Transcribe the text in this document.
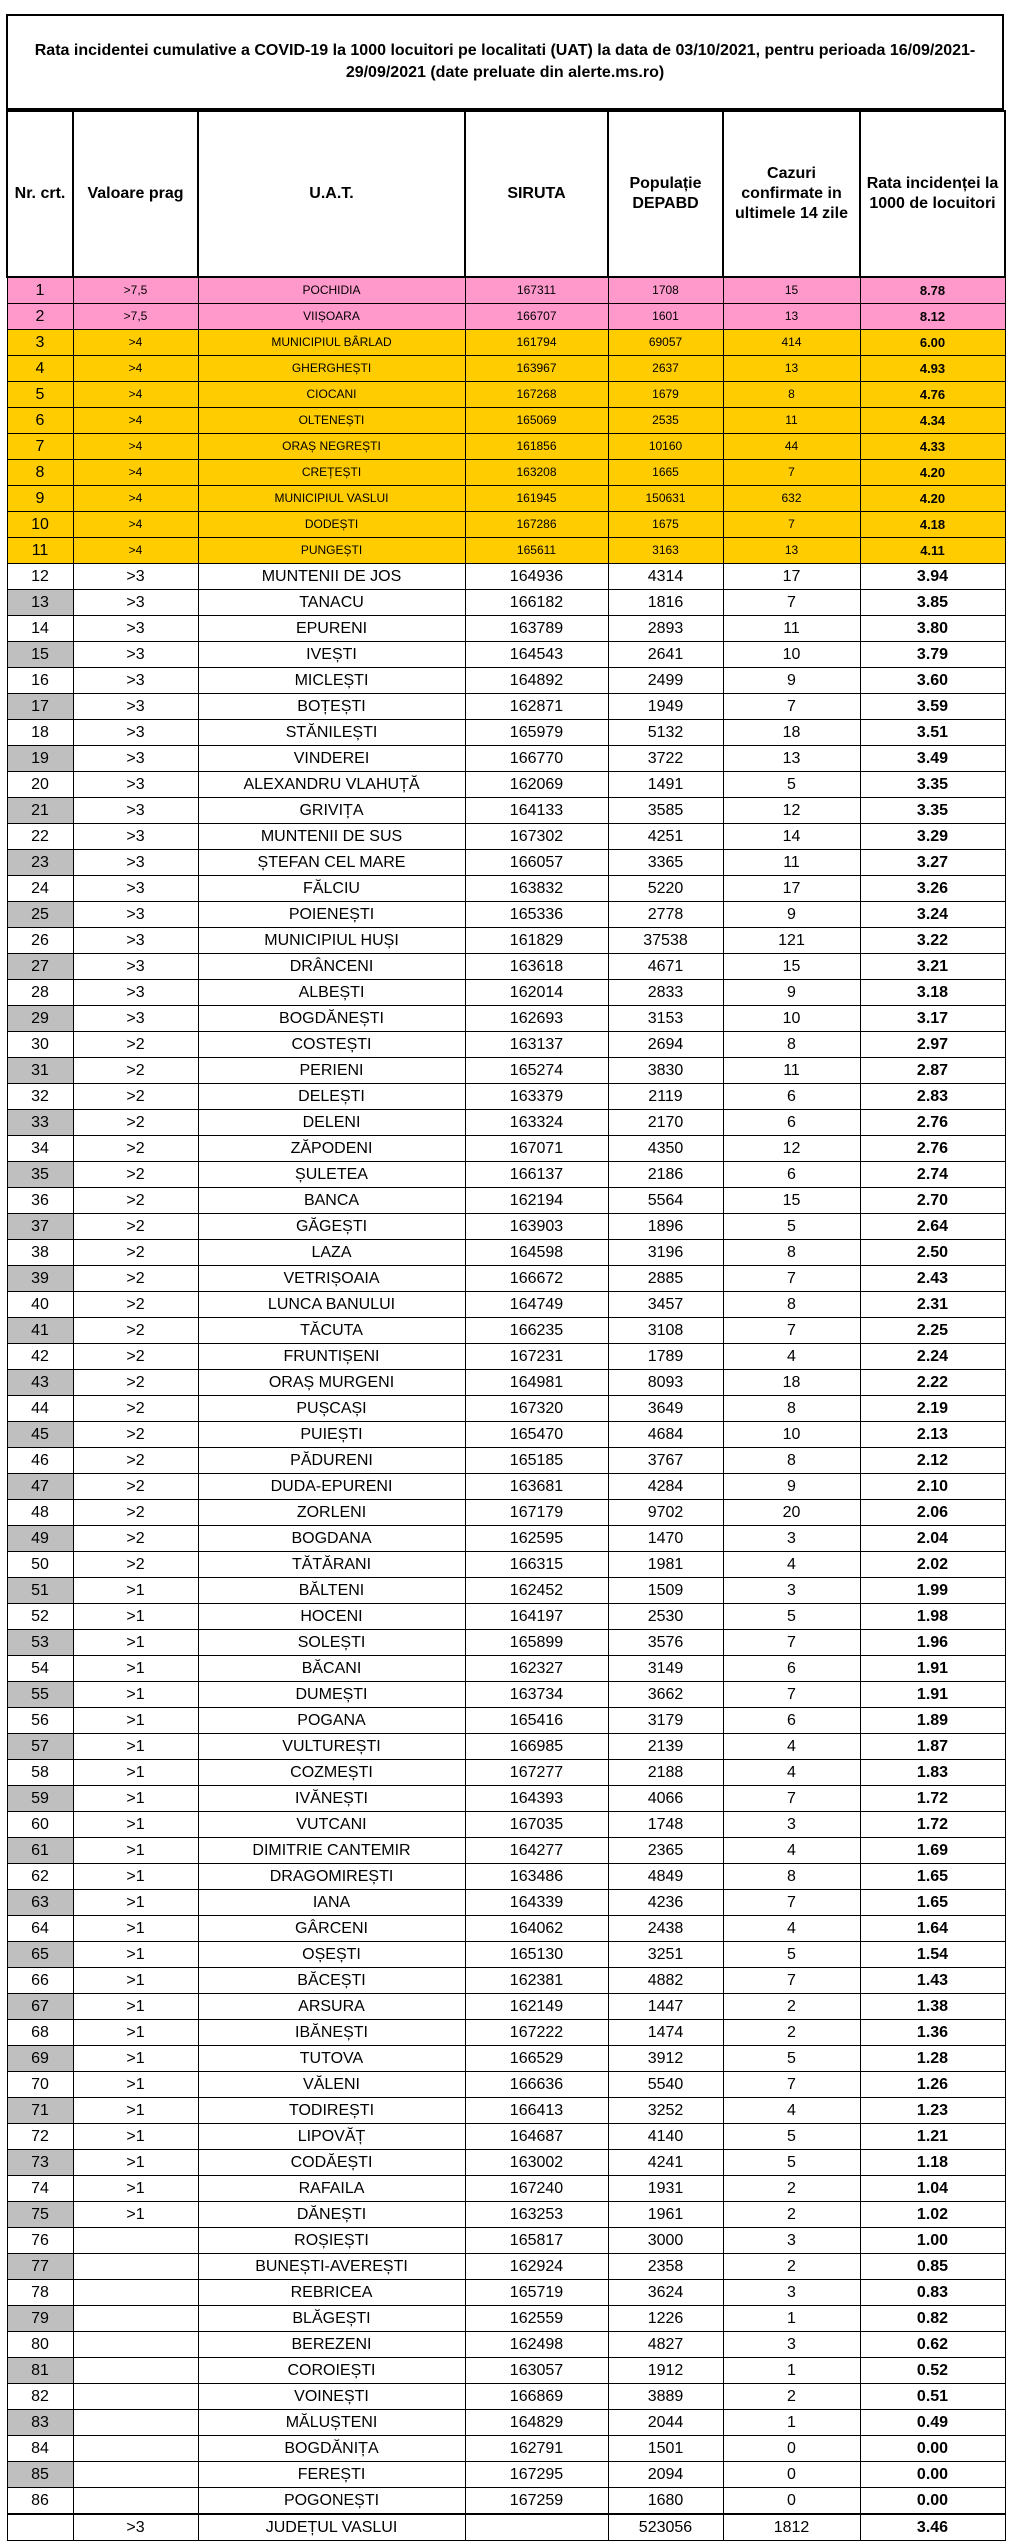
Rata incidentei cumulative a COVID-19 la 1000 locuitori pe localitati (UAT) la data de 03/10/2021, pentru perioada 16/09/2021-29/09/2021 (date preluate din alerte.ms.ro)
Nr. crt.	Valoare prag	U.A.T.	SIRUTA	Populație DEPABD	Cazuri confirmate in ultimele 14 zile	Rata incidenței la 1000 de locuitori
1	>7,5	POCHIDIA	167311	1708	15	8.78
2	>7,5	VIIȘOARA	166707	1601	13	8.12
3	>4	MUNICIPIUL BÂRLAD	161794	69057	414	6.00
4	>4	GHERGHEȘTI	163967	2637	13	4.93
5	>4	CIOCANI	167268	1679	8	4.76
6	>4	OLTENEȘTI	165069	2535	11	4.34
7	>4	ORAȘ NEGREȘTI	161856	10160	44	4.33
8	>4	CREȚEȘTI	163208	1665	7	4.20
9	>4	MUNICIPIUL VASLUI	161945	150631	632	4.20
10	>4	DODEȘTI	167286	1675	7	4.18
11	>4	PUNGEȘTI	165611	3163	13	4.11
12	>3	MUNTENII DE JOS	164936	4314	17	3.94
13	>3	TANACU	166182	1816	7	3.85
14	>3	EPURENI	163789	2893	11	3.80
15	>3	IVEȘTI	164543	2641	10	3.79
16	>3	MICLEȘTI	164892	2499	9	3.60
17	>3	BOȚEȘTI	162871	1949	7	3.59
18	>3	STĂNILEȘTI	165979	5132	18	3.51
19	>3	VINDEREI	166770	3722	13	3.49
20	>3	ALEXANDRU VLAHUȚĂ	162069	1491	5	3.35
21	>3	GRIVIȚA	164133	3585	12	3.35
22	>3	MUNTENII DE SUS	167302	4251	14	3.29
23	>3	ȘTEFAN CEL MARE	166057	3365	11	3.27
24	>3	FĂLCIU	163832	5220	17	3.26
25	>3	POIENEȘTI	165336	2778	9	3.24
26	>3	MUNICIPIUL HUȘI	161829	37538	121	3.22
27	>3	DRÂNCENI	163618	4671	15	3.21
28	>3	ALBEȘTI	162014	2833	9	3.18
29	>3	BOGDĂNEȘTI	162693	3153	10	3.17
30	>2	COSTEȘTI	163137	2694	8	2.97
31	>2	PERIENI	165274	3830	11	2.87
32	>2	DELEȘTI	163379	2119	6	2.83
33	>2	DELENI	163324	2170	6	2.76
34	>2	ZĂPODENI	167071	4350	12	2.76
35	>2	ȘULETEA	166137	2186	6	2.74
36	>2	BANCA	162194	5564	15	2.70
37	>2	GĂGEȘTI	163903	1896	5	2.64
38	>2	LAZA	164598	3196	8	2.50
39	>2	VETRIȘOAIA	166672	2885	7	2.43
40	>2	LUNCA BANULUI	164749	3457	8	2.31
41	>2	TĂCUTA	166235	3108	7	2.25
42	>2	FRUNTIȘENI	167231	1789	4	2.24
43	>2	ORAȘ MURGENI	164981	8093	18	2.22
44	>2	PUȘCAȘI	167320	3649	8	2.19
45	>2	PUIEȘTI	165470	4684	10	2.13
46	>2	PĂDURENI	165185	3767	8	2.12
47	>2	DUDA-EPURENI	163681	4284	9	2.10
48	>2	ZORLENI	167179	9702	20	2.06
49	>2	BOGDANA	162595	1470	3	2.04
50	>2	TĂTĂRANI	166315	1981	4	2.02
51	>1	BĂLTENI	162452	1509	3	1.99
52	>1	HOCENI	164197	2530	5	1.98
53	>1	SOLEȘTI	165899	3576	7	1.96
54	>1	BĂCANI	162327	3149	6	1.91
55	>1	DUMEȘTI	163734	3662	7	1.91
56	>1	POGANA	165416	3179	6	1.89
57	>1	VULTUREȘTI	166985	2139	4	1.87
58	>1	COZMEȘTI	167277	2188	4	1.83
59	>1	IVĂNEȘTI	164393	4066	7	1.72
60	>1	VUTCANI	167035	1748	3	1.72
61	>1	DIMITRIE CANTEMIR	164277	2365	4	1.69
62	>1	DRAGOMIREȘTI	163486	4849	8	1.65
63	>1	IANA	164339	4236	7	1.65
64	>1	GÂRCENI	164062	2438	4	1.64
65	>1	OȘEȘTI	165130	3251	5	1.54
66	>1	BĂCEȘTI	162381	4882	7	1.43
67	>1	ARSURA	162149	1447	2	1.38
68	>1	IBĂNEȘTI	167222	1474	2	1.36
69	>1	TUTOVA	166529	3912	5	1.28
70	>1	VĂLENI	166636	5540	7	1.26
71	>1	TODIREȘTI	166413	3252	4	1.23
72	>1	LIPOVĂȚ	164687	4140	5	1.21
73	>1	CODĂEȘTI	163002	4241	5	1.18
74	>1	RAFAILA	167240	1931	2	1.04
75	>1	DĂNEȘTI	163253	1961	2	1.02
76		ROȘIEȘTI	165817	3000	3	1.00
77		BUNEȘTI-AVEREȘTI	162924	2358	2	0.85
78		REBRICEA	165719	3624	3	0.83
79		BLĂGEȘTI	162559	1226	1	0.82
80		BEREZENI	162498	4827	3	0.62
81		COROIEȘTI	163057	1912	1	0.52
82		VOINEȘTI	166869	3889	2	0.51
83		MĂLUȘTENI	164829	2044	1	0.49
84		BOGDĂNIȚA	162791	1501	0	0.00
85		FEREȘTI	167295	2094	0	0.00
86		POGONEȘTI	167259	1680	0	0.00
	>3	JUDEȚUL VASLUI		523056	1812	3.46
